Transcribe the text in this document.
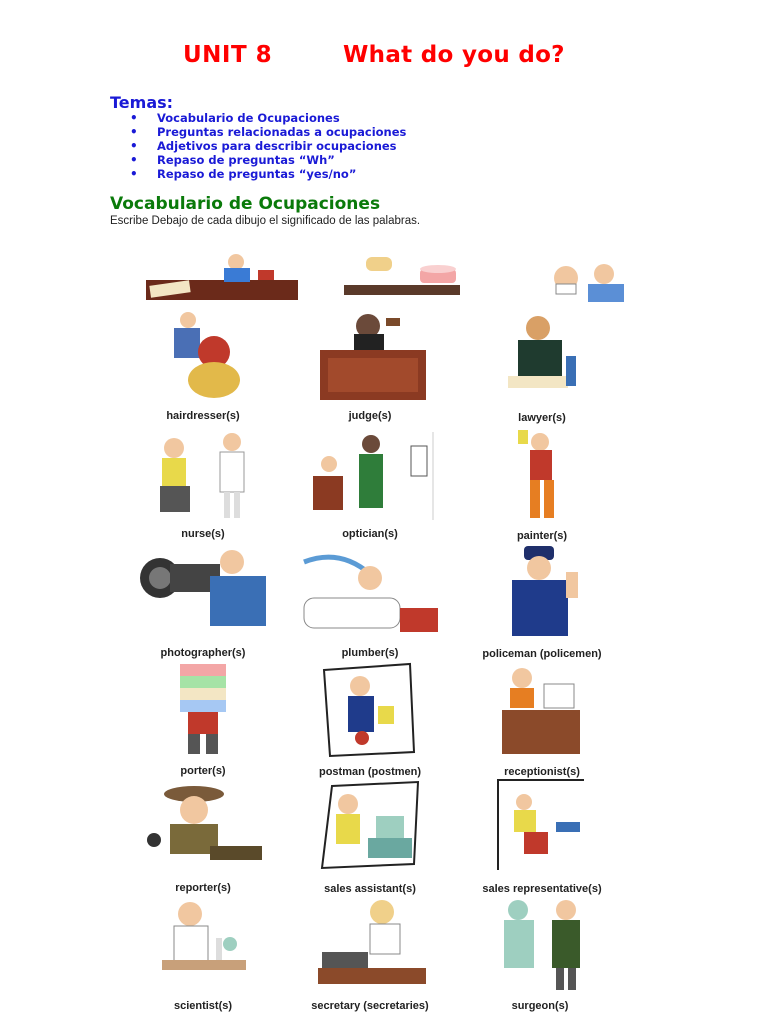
UNIT 8	What do you do?
Temas:
• Vocabulario de Ocupaciones
• Preguntas relacionadas a ocupaciones
• Adjetivos para describir ocupaciones
• Repaso de preguntas “Wh”
• Repaso de preguntas “yes/no”
Vocabulario de Ocupaciones
Escribe Debajo de cada dibujo el significado de las palabras.
hairdresser(s)	judge(s)	lawyer(s)
nurse(s)	optician(s)	painter(s)
photographer(s)	plumber(s)	policeman (policemen)
porter(s)	postman (postmen)	receptionist(s)
reporter(s)	sales assistant(s)	sales representative(s)
scientist(s)	secretary (secretaries)	surgeon(s)
